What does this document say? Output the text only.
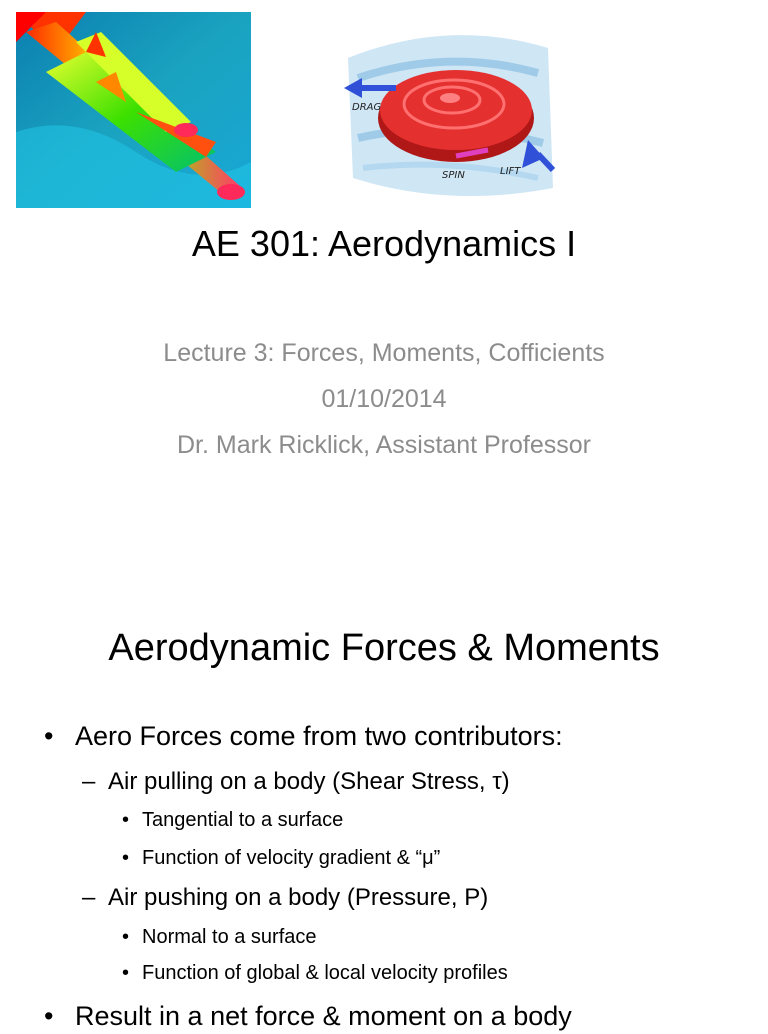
DRAG
SPIN	LIFT
AE 301: Aerodynamics I
Lecture 3: Forces, Moments, Cofficients
01/10/2014
Dr. Mark Ricklick, Assistant Professor
Aerodynamic Forces & Moments
• Aero Forces come from two contributors:
– Air pulling on a body (Shear Stress, τ)
• Tangential to a surface
• Function of velocity gradient & “μ”
– Air pushing on a body (Pressure, P)
• Normal to a surface
• Function of global & local velocity profiles
• Result in a net force & moment on a body
